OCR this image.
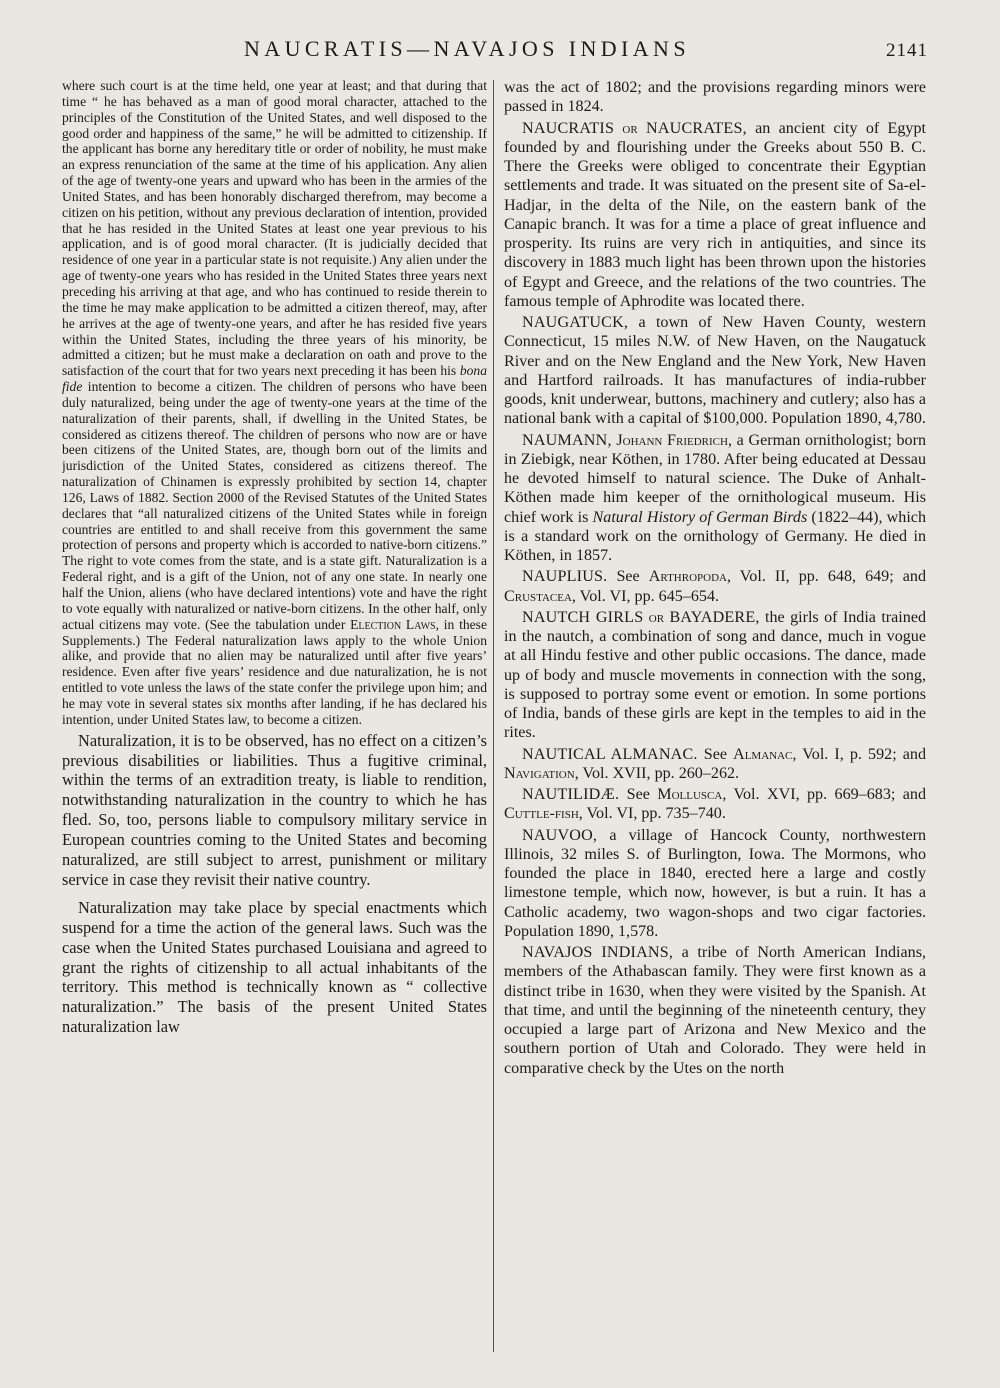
NAUCRATIS—NAVAJOS INDIANS	2141

where such court is at the time held, one year at least; and that during that time “ he has behaved as a man of good moral character, attached to the principles of the Constitution of the United States, and well disposed to the good order and happiness of the same,” he will be admitted to citizenship. If the applicant has borne any hereditary title or order of nobility, he must make an express renunciation of the same at the time of his application. Any alien of the age of twenty-one years and upward who has been in the armies of the United States, and has been honorably discharged therefrom, may become a citizen on his petition, without any previous declaration of intention, provided that he has resided in the United States at least one year previous to his application, and is of good moral character. (It is judicially decided that residence of one year in a particular state is not requisite.) Any alien under the age of twenty-one years who has resided in the United States three years next preceding his arriving at that age, and who has continued to reside therein to the time he may make application to be admitted a citizen thereof, may, after he arrives at the age of twenty-one years, and after he has resided five years within the United States, including the three years of his minority, be admitted a citizen; but he must make a declaration on oath and prove to the satisfaction of the court that for two years next preceding it has been his bona fide intention to become a citizen. The children of persons who have been duly naturalized, being under the age of twenty-one years at the time of the naturalization of their parents, shall, if dwelling in the United States, be considered as citizens thereof. The children of persons who now are or have been citizens of the United States, are, though born out of the limits and jurisdiction of the United States, considered as citizens thereof. The naturalization of Chinamen is expressly prohibited by section 14, chapter 126, Laws of 1882. Section 2000 of the Revised Statutes of the United States declares that “all naturalized citizens of the United States while in foreign countries are entitled to and shall receive from this government the same protection of persons and property which is accorded to native-born citizens.” The right to vote comes from the state, and is a state gift. Naturalization is a Federal right, and is a gift of the Union, not of any one state. In nearly one half the Union, aliens (who have declared intentions) vote and have the right to vote equally with naturalized or native-born citizens. In the other half, only actual citizens may vote. (See the tabulation under Election Laws, in these Supplements.) The Federal naturalization laws apply to the whole Union alike, and provide that no alien may be naturalized until after five years’ residence. Even after five years’ residence and due naturalization, he is not entitled to vote unless the laws of the state confer the privilege upon him; and he may vote in several states six months after landing, if he has declared his intention, under United States law, to become a citizen.

Naturalization, it is to be observed, has no effect on a citizen’s previous disabilities or liabilities. Thus a fugitive criminal, within the terms of an extradition treaty, is liable to rendition, notwithstanding naturalization in the country to which he has fled. So, too, persons liable to compulsory military service in European countries coming to the United States and becoming naturalized, are still subject to arrest, punishment or military service in case they revisit their native country.

Naturalization may take place by special enactments which suspend for a time the action of the general laws. Such was the case when the United States purchased Louisiana and agreed to grant the rights of citizenship to all actual inhabitants of the territory. This method is technically known as “ collective naturalization.” The basis of the present United States naturalization law

was the act of 1802; and the provisions regarding minors were passed in 1824.

NAUCRATIS or NAUCRATES, an ancient city of Egypt founded by and flourishing under the Greeks about 550 B. C. There the Greeks were obliged to concentrate their Egyptian settlements and trade. It was situated on the present site of Sa-el-Hadjar, in the delta of the Nile, on the eastern bank of the Canapic branch. It was for a time a place of great influence and prosperity. Its ruins are very rich in antiquities, and since its discovery in 1883 much light has been thrown upon the histories of Egypt and Greece, and the relations of the two countries. The famous temple of Aphrodite was located there.

NAUGATUCK, a town of New Haven County, western Connecticut, 15 miles N.W. of New Haven, on the Naugatuck River and on the New England and the New York, New Haven and Hartford railroads. It has manufactures of india-rubber goods, knit underwear, buttons, machinery and cutlery; also has a national bank with a capital of $100,000. Population 1890, 4,780.

NAUMANN, Johann Friedrich, a German ornithologist; born in Ziebigk, near Köthen, in 1780. After being educated at Dessau he devoted himself to natural science. The Duke of Anhalt-Köthen made him keeper of the ornithological museum. His chief work is Natural History of German Birds (1822–44), which is a standard work on the ornithology of Germany. He died in Köthen, in 1857.

NAUPLIUS. See Arthropoda, Vol. II, pp. 648, 649; and Crustacea, Vol. VI, pp. 645–654.

NAUTCH GIRLS or BAYADERE, the girls of India trained in the nautch, a combination of song and dance, much in vogue at all Hindu festive and other public occasions. The dance, made up of body and muscle movements in connection with the song, is supposed to portray some event or emotion. In some portions of India, bands of these girls are kept in the temples to aid in the rites.

NAUTICAL ALMANAC. See Almanac, Vol. I, p. 592; and Navigation, Vol. XVII, pp. 260–262.

NAUTILIDÆ. See Mollusca, Vol. XVI, pp. 669–683; and Cuttle-fish, Vol. VI, pp. 735–740.

NAUVOO, a village of Hancock County, northwestern Illinois, 32 miles S. of Burlington, Iowa. The Mormons, who founded the place in 1840, erected here a large and costly limestone temple, which now, however, is but a ruin. It has a Catholic academy, two wagon-shops and two cigar factories. Population 1890, 1,578.

NAVAJOS INDIANS, a tribe of North American Indians, members of the Athabascan family. They were first known as a distinct tribe in 1630, when they were visited by the Spanish. At that time, and until the beginning of the nineteenth century, they occupied a large part of Arizona and New Mexico and the southern portion of Utah and Colorado. They were held in comparative check by the Utes on the north
